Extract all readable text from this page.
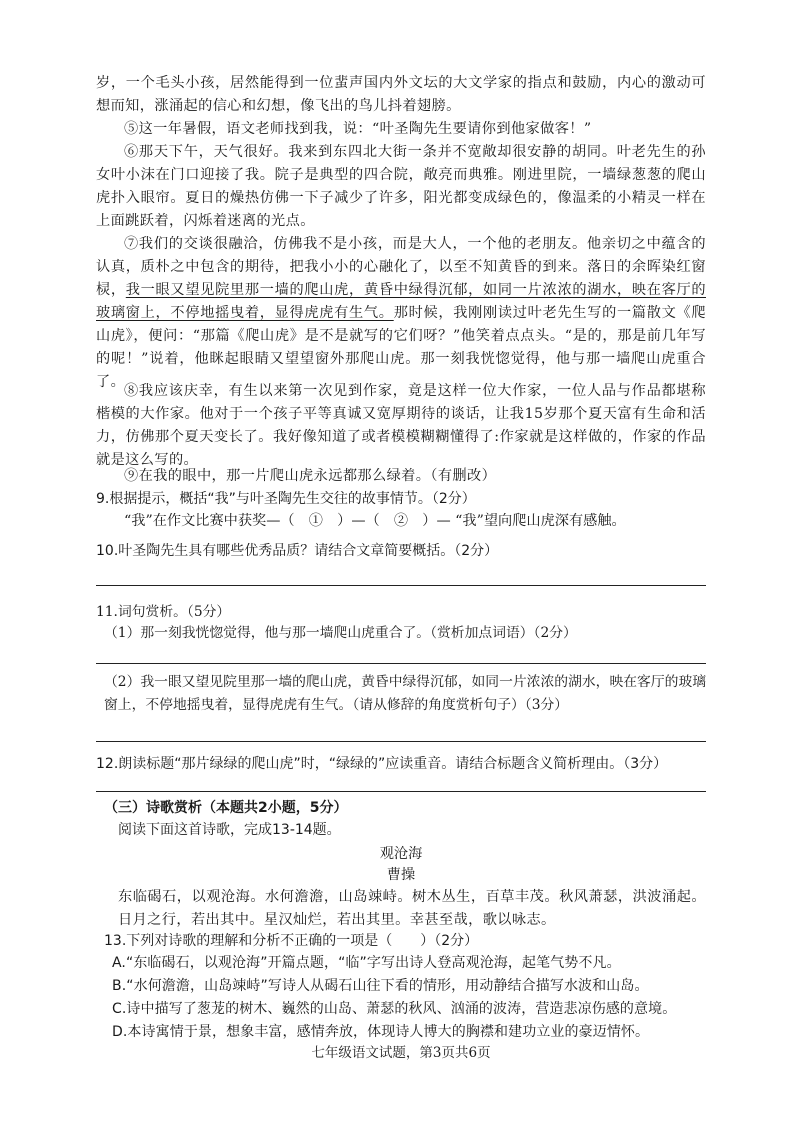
岁，一个毛头小孩，居然能得到一位蜚声国内外文坛的大文学家的指点和鼓励，内心的激动可想而知，涨涌起的信心和幻想，像飞出的鸟儿抖着翅膀。

⑤这一年暑假，语文老师找到我，说：“叶圣陶先生要请你到他家做客！”

⑥那天下午，天气很好。我来到东四北大街一条并不宽敞却很安静的胡同。叶老先生的孙女叶小沫在门口迎接了我。院子是典型的四合院，敞亮而典雅。刚进里院，一墙绿葱葱的爬山虎扑入眼帘。夏日的燥热仿佛一下子减少了许多，阳光都变成绿色的，像温柔的小精灵一样在上面跳跃着，闪烁着迷离的光点。

⑦我们的交谈很融洽，仿佛我不是小孩，而是大人，一个他的老朋友。他亲切之中蕴含的认真，质朴之中包含的期待，把我小小的心融化了，以至不知黄昏的到来。落日的余晖染红窗棂，我一眼又望见院里那一墙的爬山虎，黄昏中绿得沉郁，如同一片浓浓的湖水，映在客厅的玻璃窗上，不停地摇曳着，显得虎虎有生气。那时候，我刚刚读过叶老先生写的一篇散文《爬山虎》，便问：“那篇《爬山虎》是不是就写的它们呀？”他笑着点点头。“是的，那是前几年写的呢！”说着，他眯起眼睛又望望窗外那爬山虎。那一刻我恍惚觉得，他与那一墙爬山虎重合了。

⑧我应该庆幸，有生以来第一次见到作家，竟是这样一位大作家，一位人品与作品都堪称楷模的大作家。他对于一个孩子平等真诚又宽厚期待的谈话，让我15岁那个夏天富有生命和活力，仿佛那个夏天变长了。我好像知道了或者模模糊糊懂得了:作家就是这样做的，作家的作品就是这么写的。

⑨在我的眼中，那一片爬山虎永远都那么绿着。（有删改）

9.根据提示，概括“我”与叶圣陶先生交往的故事情节。（2分）

“我”在作文比赛中获奖—（　①　）—（　②　）— “我”望向爬山虎深有感触。

10.叶圣陶先生具有哪些优秀品质？请结合文章简要概括。（2分）

11.词句赏析。（5分）

（1）那一刻我恍惚觉得，他与那一墙爬山虎重合了。（赏析加点词语）（2分）

（2）我一眼又望见院里那一墙的爬山虎，黄昏中绿得沉郁，如同一片浓浓的湖水，映在客厅的玻璃窗上，不停地摇曳着，显得虎虎有生气。（请从修辞的角度赏析句子）（3分）

12.朗读标题“那片绿绿的爬山虎”时，“绿绿的”应读重音。请结合标题含义简析理由。（3分）

（三）诗歌赏析（本题共2小题，5分）

阅读下面这首诗歌，完成13-14题。

观沧海

曹操

东临碣石，以观沧海。水何澹澹，山岛竦峙。树木丛生，百草丰茂。秋风萧瑟，洪波涌起。日月之行，若出其中。星汉灿烂，若出其里。幸甚至哉，歌以咏志。

13.下列对诗歌的理解和分析不正确的一项是（　　）（2分）

A.“东临碣石，以观沧海”开篇点题，“临”字写出诗人登高观沧海，起笔气势不凡。

B.“水何澹澹，山岛竦峙”写诗人从碣石山往下看的情形，用动静结合描写水波和山岛。

C.诗中描写了葱茏的树木、巍然的山岛、萧瑟的秋风、汹涌的波涛，营造悲凉伤感的意境。

D.本诗寓情于景，想象丰富，感情奔放，体现诗人博大的胸襟和建功立业的豪迈情怀。

七年级语文试题，第3页共6页
